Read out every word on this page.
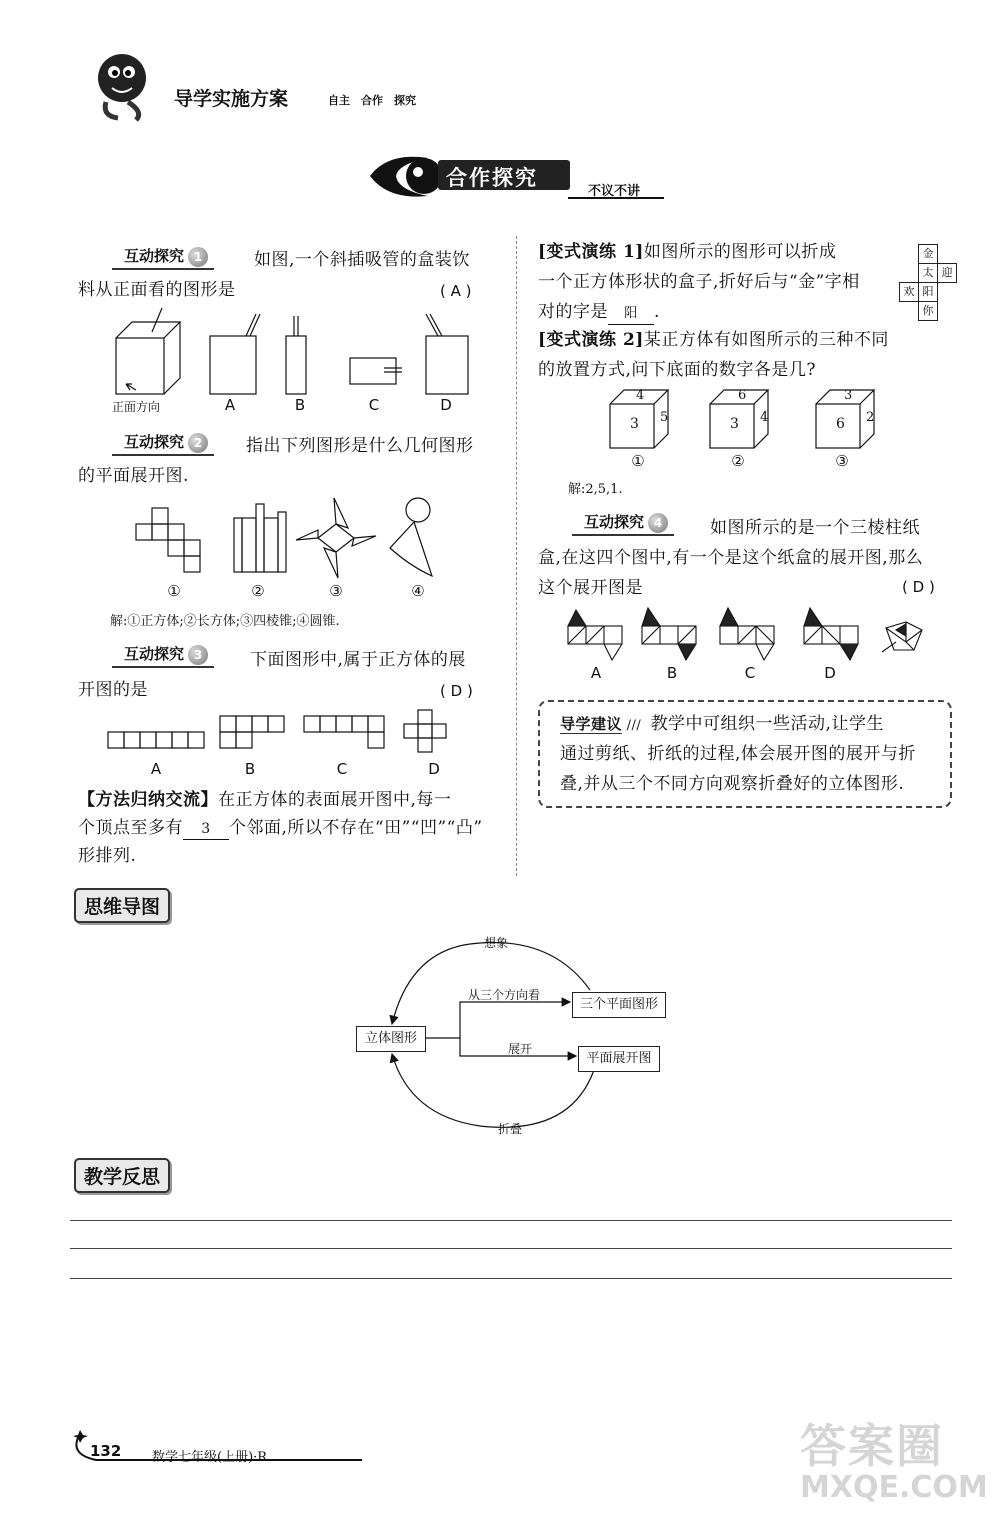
导学实施方案	自主　合作　探究
合作探究
不议不讲
互动探究 1	如图,一个斜插吸管的盒装饮
料从正面看的图形是	( A )
正面方向	A	B	C	D
互动探究 2	指出下列图形是什么几何图形
的平面展开图.
①	②	③	④
解:①正方体;②长方体;③四棱锥;④圆锥.
互动探究 3	下面图形中,属于正方体的展
开图的是	( D )
A	B	C	D
【方法归纳交流】在正方体的表面展开图中,每一
个顶点至多有 3 个邻面,所以不存在“田”“凹”“凸”
形排列.
[变式演练 1]如图所示的图形可以折成
一个正方体形状的盒子,折好后与“金”字相
对的字是 阳 .
金
太 迎
欢 阳
你
[变式演练 2]某正方体有如图所示的三种不同
的放置方式,问下底面的数字各是几?
4
3 5
6
3 4
3
6 2
①	②	③
解:2,5,1.
互动探究 4	如图所示的是一个三棱柱纸
盒,在这四个图中,有一个是这个纸盒的展开图,那么
这个展开图是	( D )
A	B	C	D
导学建议 ///  教学中可组织一些活动,让学生
通过剪纸、折纸的过程,体会展开图的展开与折
叠,并从三个不同方向观察折叠好的立体图形.
思维导图
立体图形
三个平面图形
平面展开图
从三个方向看
展开
想象
折叠
教学反思
132 数学七年级(上册)·R	答案圈
MXQE.COM
